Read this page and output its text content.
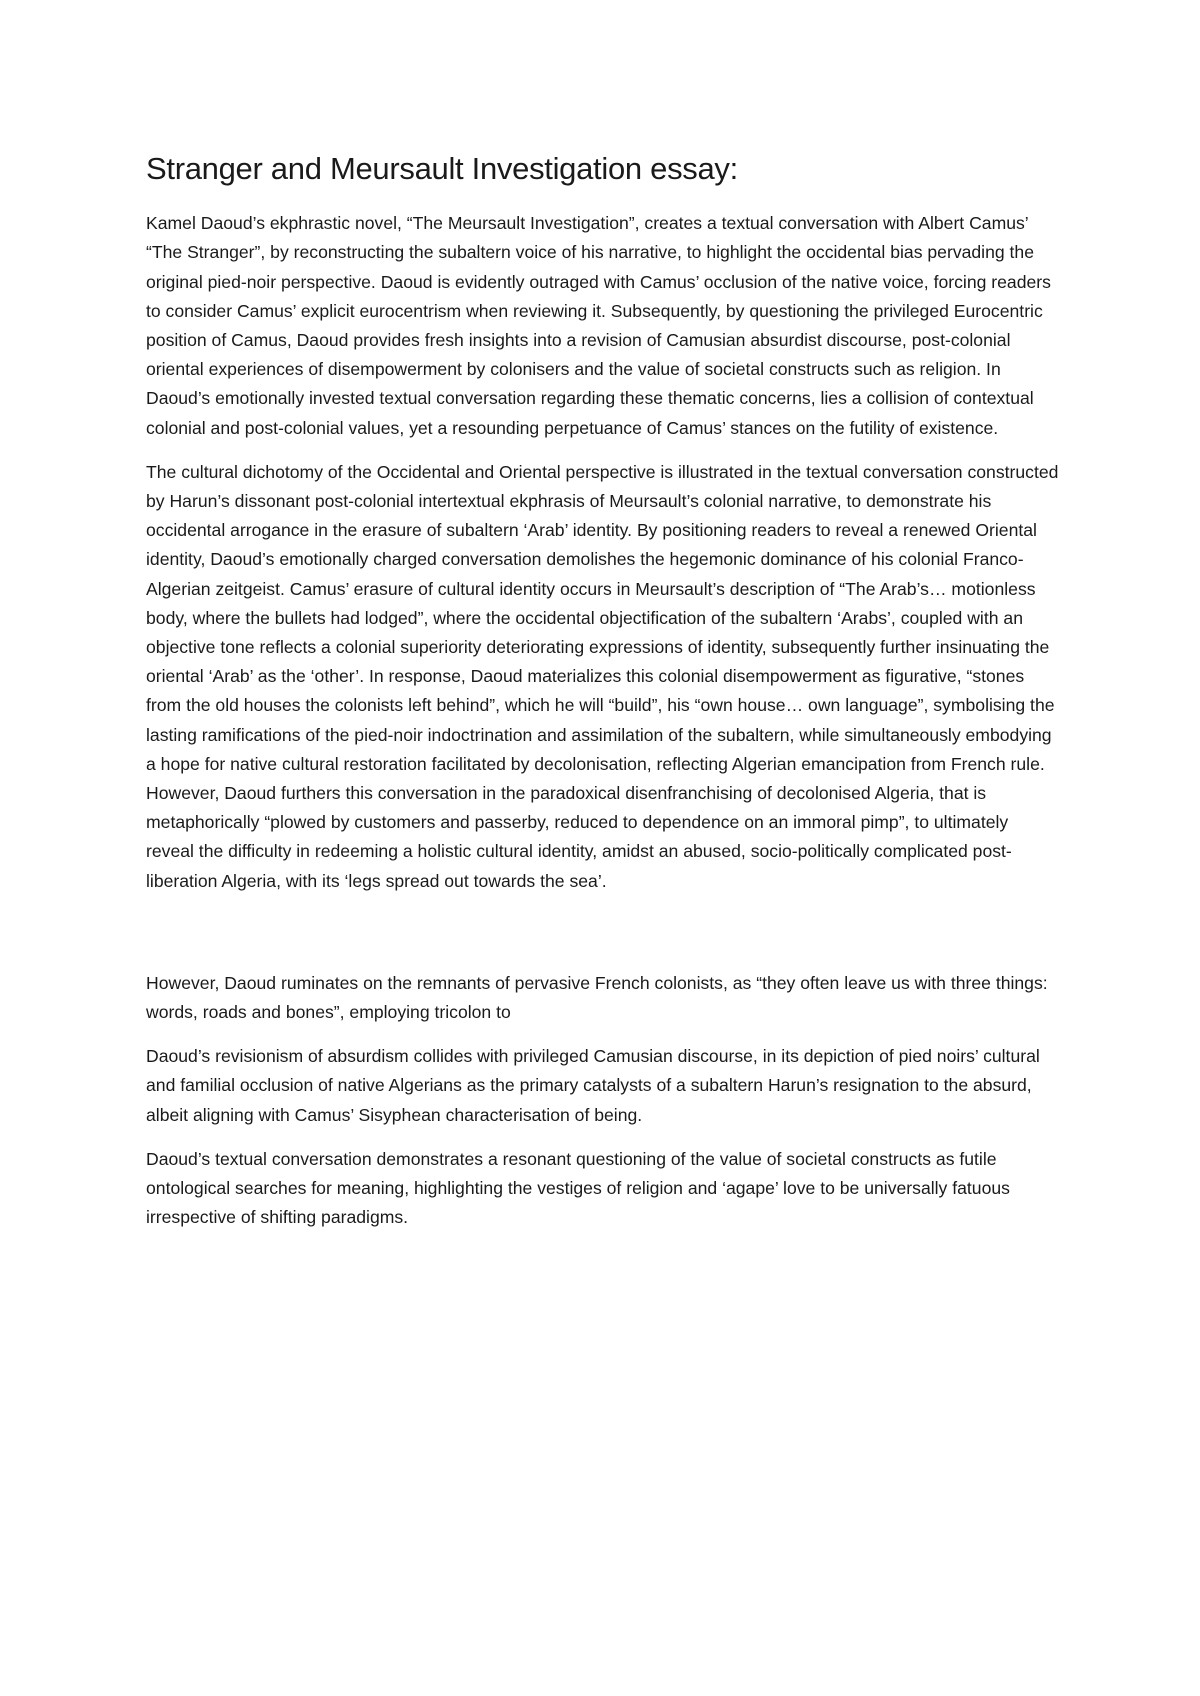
Stranger and Meursault Investigation essay:

Kamel Daoud’s ekphrastic novel, “The Meursault Investigation”, creates a textual conversation with Albert Camus’ “The Stranger”, by reconstructing the subaltern voice of his narrative, to highlight the occidental bias pervading the original pied-noir perspective. Daoud is evidently outraged with Camus’ occlusion of the native voice, forcing readers to consider Camus’ explicit eurocentrism when reviewing it. Subsequently, by questioning the privileged Eurocentric position of Camus, Daoud provides fresh insights into a revision of Camusian absurdist discourse, post-colonial oriental experiences of disempowerment by colonisers and the value of societal constructs such as religion. In Daoud’s emotionally invested textual conversation regarding these thematic concerns, lies a collision of contextual colonial and post-colonial values, yet a resounding perpetuance of Camus’ stances on the futility of existence.

The cultural dichotomy of the Occidental and Oriental perspective is illustrated in the textual conversation constructed by Harun’s dissonant post-colonial intertextual ekphrasis of Meursault’s colonial narrative, to demonstrate his occidental arrogance in the erasure of subaltern ‘Arab’ identity. By positioning readers to reveal a renewed Oriental identity, Daoud’s emotionally charged conversation demolishes the hegemonic dominance of his colonial Franco-Algerian zeitgeist. Camus’ erasure of cultural identity occurs in Meursault’s description of “The Arab’s… motionless body, where the bullets had lodged”, where the occidental objectification of the subaltern ‘Arabs’, coupled with an objective tone reflects a colonial superiority deteriorating expressions of identity, subsequently further insinuating the oriental ‘Arab’ as the ‘other’. In response, Daoud materializes this colonial disempowerment as figurative, “stones from the old houses the colonists left behind”, which he will “build”, his “own house… own language”, symbolising the lasting ramifications of the pied-noir indoctrination and assimilation of the subaltern, while simultaneously embodying a hope for native cultural restoration facilitated by decolonisation, reflecting Algerian emancipation from French rule. However, Daoud furthers this conversation in the paradoxical disenfranchising of decolonised Algeria, that is metaphorically “plowed by customers and passerby, reduced to dependence on an immoral pimp”, to ultimately reveal the difficulty in redeeming a holistic cultural identity, amidst an abused, socio-politically complicated post-liberation Algeria, with its ‘legs spread out towards the sea’.

However, Daoud ruminates on the remnants of pervasive French colonists, as “they often leave us with three things: words, roads and bones”, employing tricolon to

Daoud’s revisionism of absurdism collides with privileged Camusian discourse, in its depiction of pied noirs’ cultural and familial occlusion of native Algerians as the primary catalysts of a subaltern Harun’s resignation to the absurd, albeit aligning with Camus’ Sisyphean characterisation of being.

Daoud’s textual conversation demonstrates a resonant questioning of the value of societal constructs as futile ontological searches for meaning, highlighting the vestiges of religion and ‘agape’ love to be universally fatuous irrespective of shifting paradigms.
